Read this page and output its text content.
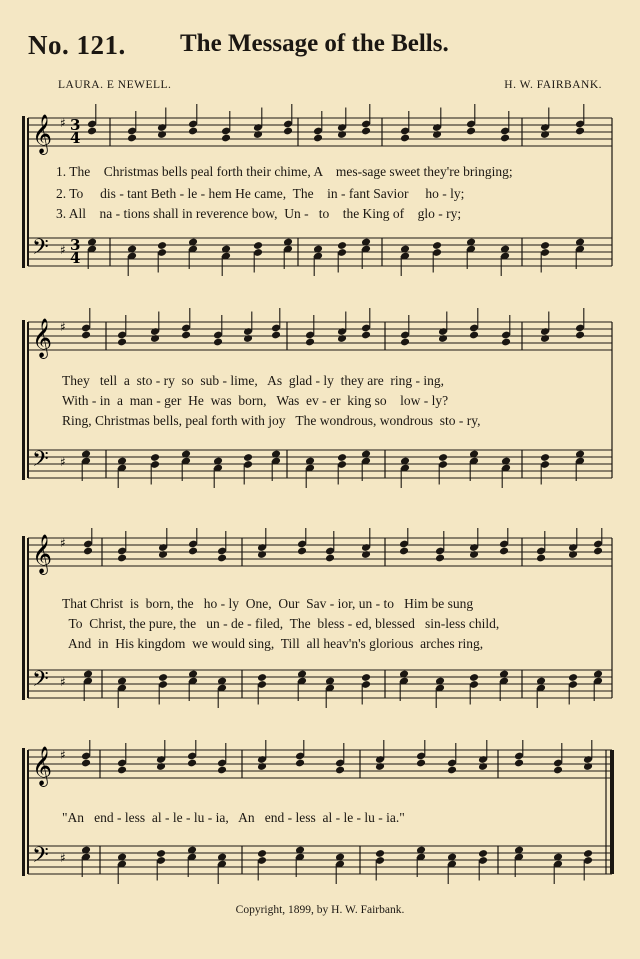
No. 121. The Message of the Bells.
LAURA. E NEWELL.	H. W. FAIRBANK.
𝄞
𝄢
♯
♯
3
3
4
4
1. The    Christmas bells peal forth their chime, A    mes-sage sweet they're bringing;
2. To     dis - tant Beth - le - hem He came,  The    in - fant Savior     ho - ly;
3. All    na - tions shall in reverence bow,  Un -   to    the King of    glo - ry;
𝄞
𝄢
♯
♯
They   tell  a  sto - ry  so  sub - lime,   As  glad - ly  they are  ring - ing,
With - in  a  man - ger  He  was  born,   Was  ev - er  king so    low - ly?
Ring, Christmas bells, peal forth with joy   The wondrous, wondrous  sto - ry,
𝄞
𝄢
♯
♯
That Christ  is  born, the   ho - ly  One,  Our  Sav - ior, un - to   Him be sung
To  Christ, the pure, the   un - de - filed,  The  bless - ed, blessed   sin-less child,
And  in  His kingdom  we would sing,  Till  all heav'n's glorious  arches ring,
𝄞
𝄢
♯
♯
"An   end - less  al - le - lu - ia,   An   end - less  al - le - lu - ia."
Copyright, 1899, by H. W. Fairbank.
